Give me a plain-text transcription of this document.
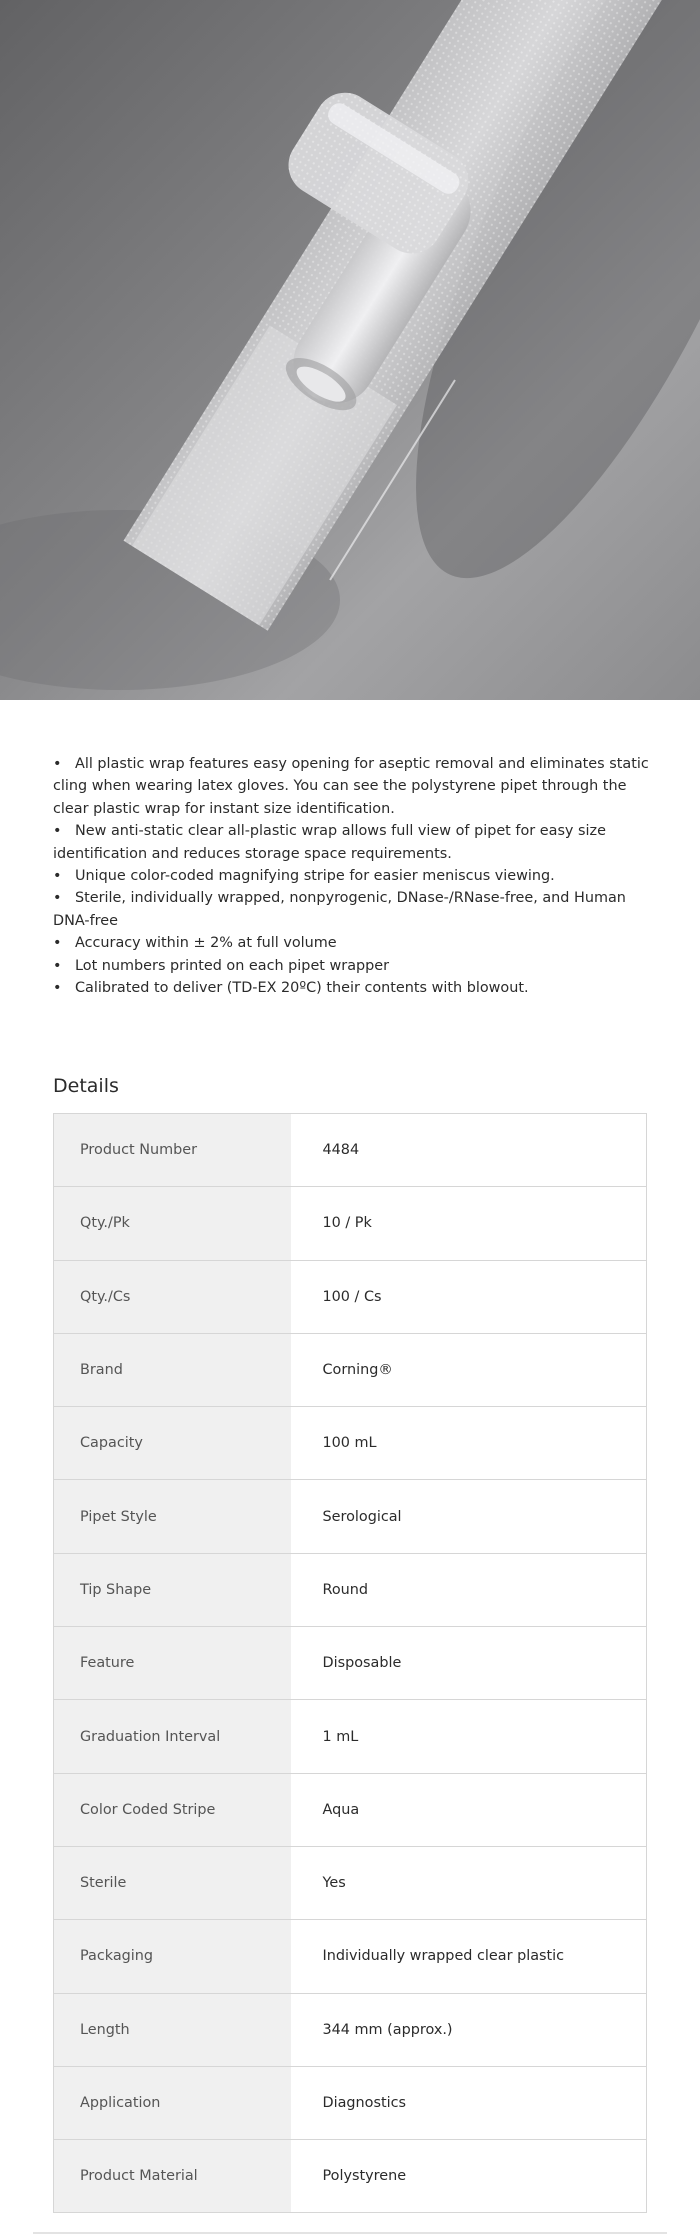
• All plastic wrap features easy opening for aseptic removal and eliminates static cling when wearing latex gloves. You can see the polystyrene pipet through the clear plastic wrap for instant size identification.
• New anti-static clear all-plastic wrap allows full view of pipet for easy size identification and reduces storage space requirements.
• Unique color-coded magnifying stripe for easier meniscus viewing.
• Sterile, individually wrapped, nonpyrogenic, DNase-/RNase-free, and Human DNA-free
• Accuracy within ± 2% at full volume
• Lot numbers printed on each pipet wrapper
• Calibrated to deliver (TD-EX 20ºC) their contents with blowout.
Details
Product Number	4484
Qty./Pk	10 / Pk
Qty./Cs	100 / Cs
Brand	Corning®
Capacity	100 mL
Pipet Style	Serological
Tip Shape	Round
Feature	Disposable
Graduation Interval	1 mL
Color Coded Stripe	Aqua
Sterile	Yes
Packaging	Individually wrapped clear plastic
Length	344 mm (approx.)
Application	Diagnostics
Product Material	Polystyrene
